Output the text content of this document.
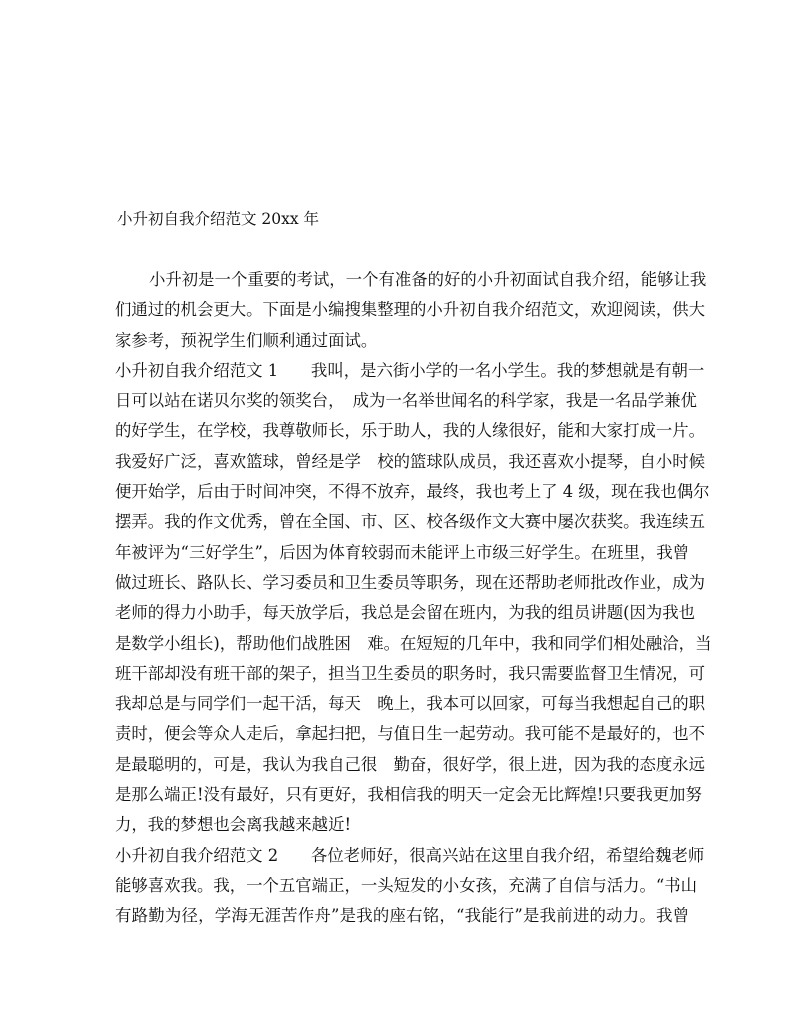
小升初自我介绍范文 20xx 年
小升初是一个重要的考试，一个有准备的好的小升初面试自我介绍，能够让我
们通过的机会更大。下面是小编搜集整理的小升初自我介绍范文，欢迎阅读，供大
家参考，预祝学生们顺利通过面试。
小升初自我介绍范文 1　　我叫，是六街小学的一名小学生。我的梦想就是有朝一
日可以站在诺贝尔奖的领奖台，　成为一名举世闻名的科学家，我是一名品学兼优
的好学生，在学校，我尊敬师长，乐于助人，我的人缘很好，能和大家打成一片。
我爱好广泛，喜欢篮球，曾经是学　校的篮球队成员，我还喜欢小提琴，自小时候
便开始学，后由于时间冲突，不得不放弃，最终，我也考上了 4 级，现在我也偶尔
摆弄。我的作文优秀，曾在全国、市、区、校各级作文大赛中屡次获奖。我连续五
年被评为“三好学生”，后因为体育较弱而未能评上市级三好学生。在班里，我曾
做过班长、路队长、学习委员和卫生委员等职务，现在还帮助老师批改作业，成为
老师的得力小助手，每天放学后，我总是会留在班内，为我的组员讲题(因为我也
是数学小组长)，帮助他们战胜困　难。在短短的几年中，我和同学们相处融洽，当
班干部却没有班干部的架子，担当卫生委员的职务时，我只需要监督卫生情况，可
我却总是与同学们一起干活，每天　晚上，我本可以回家，可每当我想起自己的职
责时，便会等众人走后，拿起扫把，与值日生一起劳动。我可能不是最好的，也不
是最聪明的，可是，我认为我自己很　勤奋，很好学，很上进，因为我的态度永远
是那么端正!没有最好，只有更好，我相信我的明天一定会无比辉煌!只要我更加努
力，我的梦想也会离我越来越近!
小升初自我介绍范文 2　　各位老师好，很高兴站在这里自我介绍，希望给魏老师
能够喜欢我。我，一个五官端正，一头短发的小女孩，充满了自信与活力。“书山
有路勤为径，学海无涯苦作舟”是我的座右铭，“我能行”是我前进的动力。我曾
